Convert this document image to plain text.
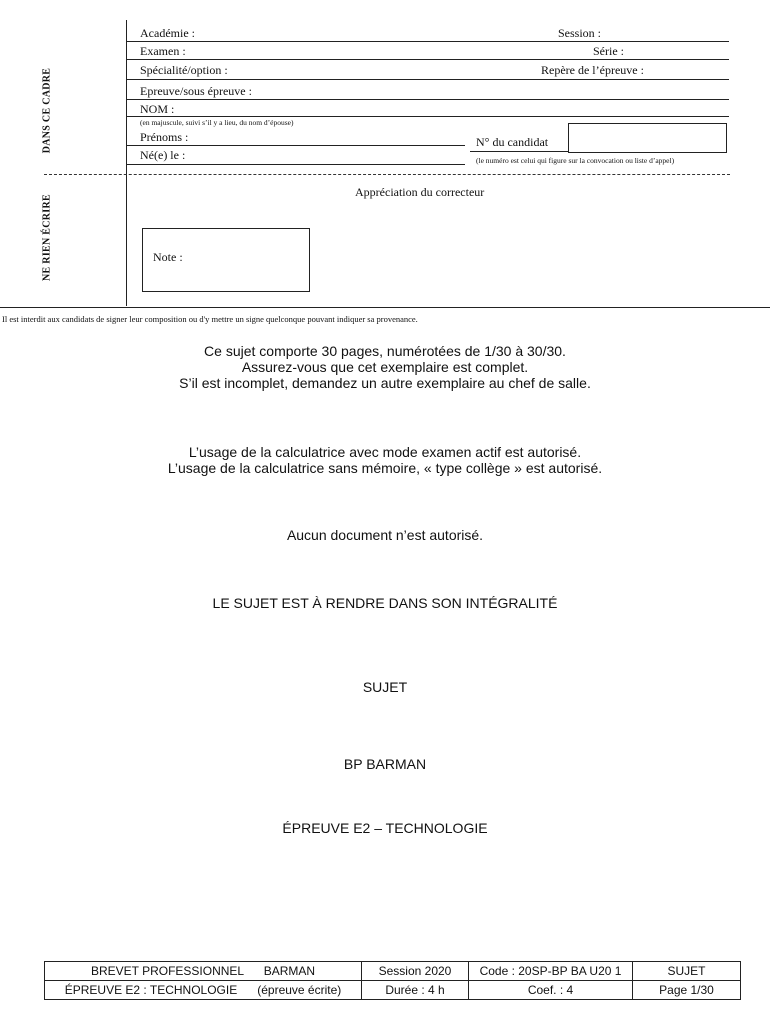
DANS CE CADRE
NE RIEN ÉCRIRE
Académie :	Session :
Examen :	Série :
Spécialité/option :	Repère de l’épreuve :
Epreuve/sous épreuve :
NOM :
(en majuscule, suivi s’il y a lieu, du nom d’épouse)
Prénoms :
Né(e) le :
N° du candidat
(le numéro est celui qui figure sur la convocation ou liste d’appel)
Appréciation du correcteur
Note :
Il est interdit aux candidats de signer leur composition ou d'y mettre un signe quelconque pouvant indiquer sa provenance.
Ce sujet comporte 30 pages, numérotées de 1/30 à 30/30.
Assurez-vous que cet exemplaire est complet.
S’il est incomplet, demandez un autre exemplaire au chef de salle.
L’usage de la calculatrice avec mode examen actif est autorisé.
L’usage de la calculatrice sans mémoire, « type collège » est autorisé.
Aucun document n’est autorisé.
LE SUJET EST À RENDRE DANS SON INTÉGRALITÉ
SUJET
BP BARMAN
ÉPREUVE E2 – TECHNOLOGIE
BREVET PROFESSIONNEL BARMAN	Session 2020	Code : 20SP-BP BA U20 1	SUJET
ÉPREUVE E2 : TECHNOLOGIE (épreuve écrite)	Durée : 4 h	Coef. : 4	Page 1/30
